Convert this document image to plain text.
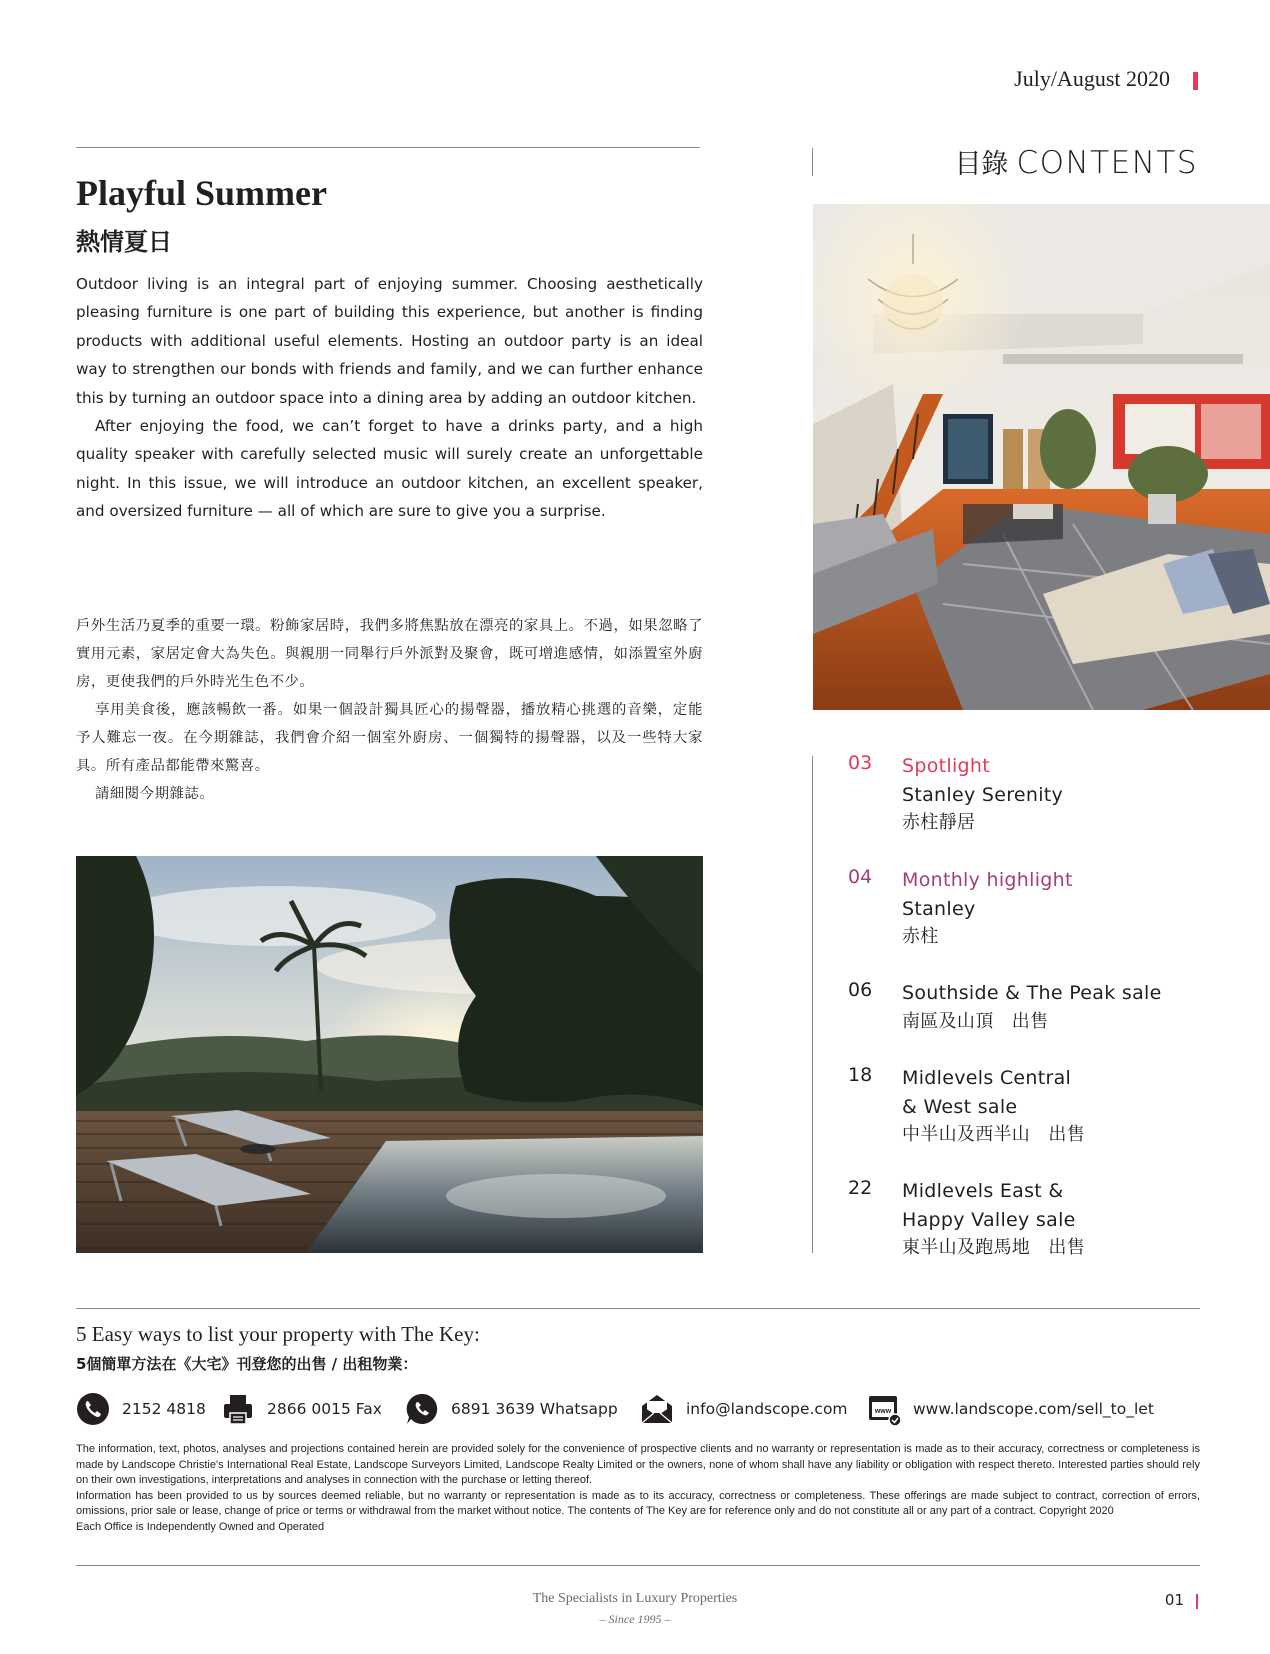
July/August 2020
Playful Summer
熱情夏日

Outdoor living is an integral part of enjoying summer. Choosing aesthetically pleasing furniture is one part of building this experience, but another is finding products with additional useful elements. Hosting an outdoor party is an ideal way to strengthen our bonds with friends and family, and we can further enhance this by turning an outdoor space into a dining area by adding an outdoor kitchen.

After enjoying the food, we can’t forget to have a drinks party, and a high quality speaker with carefully selected music will surely create an unforgettable night. In this issue, we will introduce an outdoor kitchen, an excellent speaker, and oversized furniture — all of which are sure to give you a surprise.

戶外生活乃夏季的重要一環。粉飾家居時，我們多將焦點放在漂亮的家具上。不過，如果忽略了實用元素，家居定會大為失色。與親朋一同舉行戶外派對及聚會，既可增進感情，如添置室外廚房，更使我們的戶外時光生色不少。

享用美食後，應該暢飲一番。如果一個設計獨具匠心的揚聲器，播放精心挑選的音樂，定能予人難忘一夜。在今期雜誌，我們會介紹一個室外廚房、一個獨特的揚聲器，以及一些特大家具。所有產品都能帶來驚喜。

請細閱今期雜誌。

目錄 CONTENTS
03 Spotlight
Stanley Serenity
赤柱靜居
04 Monthly highlight
Stanley
赤柱
06 Southside & The Peak sale
南區及山頂　出售
18 Midlevels Central
& West sale
中半山及西半山　出售
22 Midlevels East &
Happy Valley sale
東半山及跑馬地　出售
5 Easy ways to list your property with The Key:
5個簡單方法在《大宅》刊登您的出售 / 出租物業：
2152 4818	2866 0015 Fax	6891 3639 Whatsapp	info@landscope.com	www www.landscope.com/sell_to_let
The information, text, photos, analyses and projections contained herein are provided solely for the convenience of prospective clients and no warranty or representation is made as to their accuracy, correctness or completeness is made by Landscope Christie's International Real Estate, Landscope Surveyors Limited, Landscope Realty Limited or the owners, none of whom shall have any liability or obligation with respect thereto. Interested parties should rely on their own investigations, interpretations and analyses in connection with the purchase or letting thereof.
Information has been provided to us by sources deemed reliable, but no warranty or representation is made as to its accuracy, correctness or completeness. These offerings are made subject to contract, correction of errors, omissions, prior sale or lease, change of price or terms or withdrawal from the market without notice. The contents of The Key are for reference only and do not constitute all or any part of a contract. Copyright 2020
Each Office is Independently Owned and Operated
The Specialists in Luxury Properties
– Since 1995 –
01
